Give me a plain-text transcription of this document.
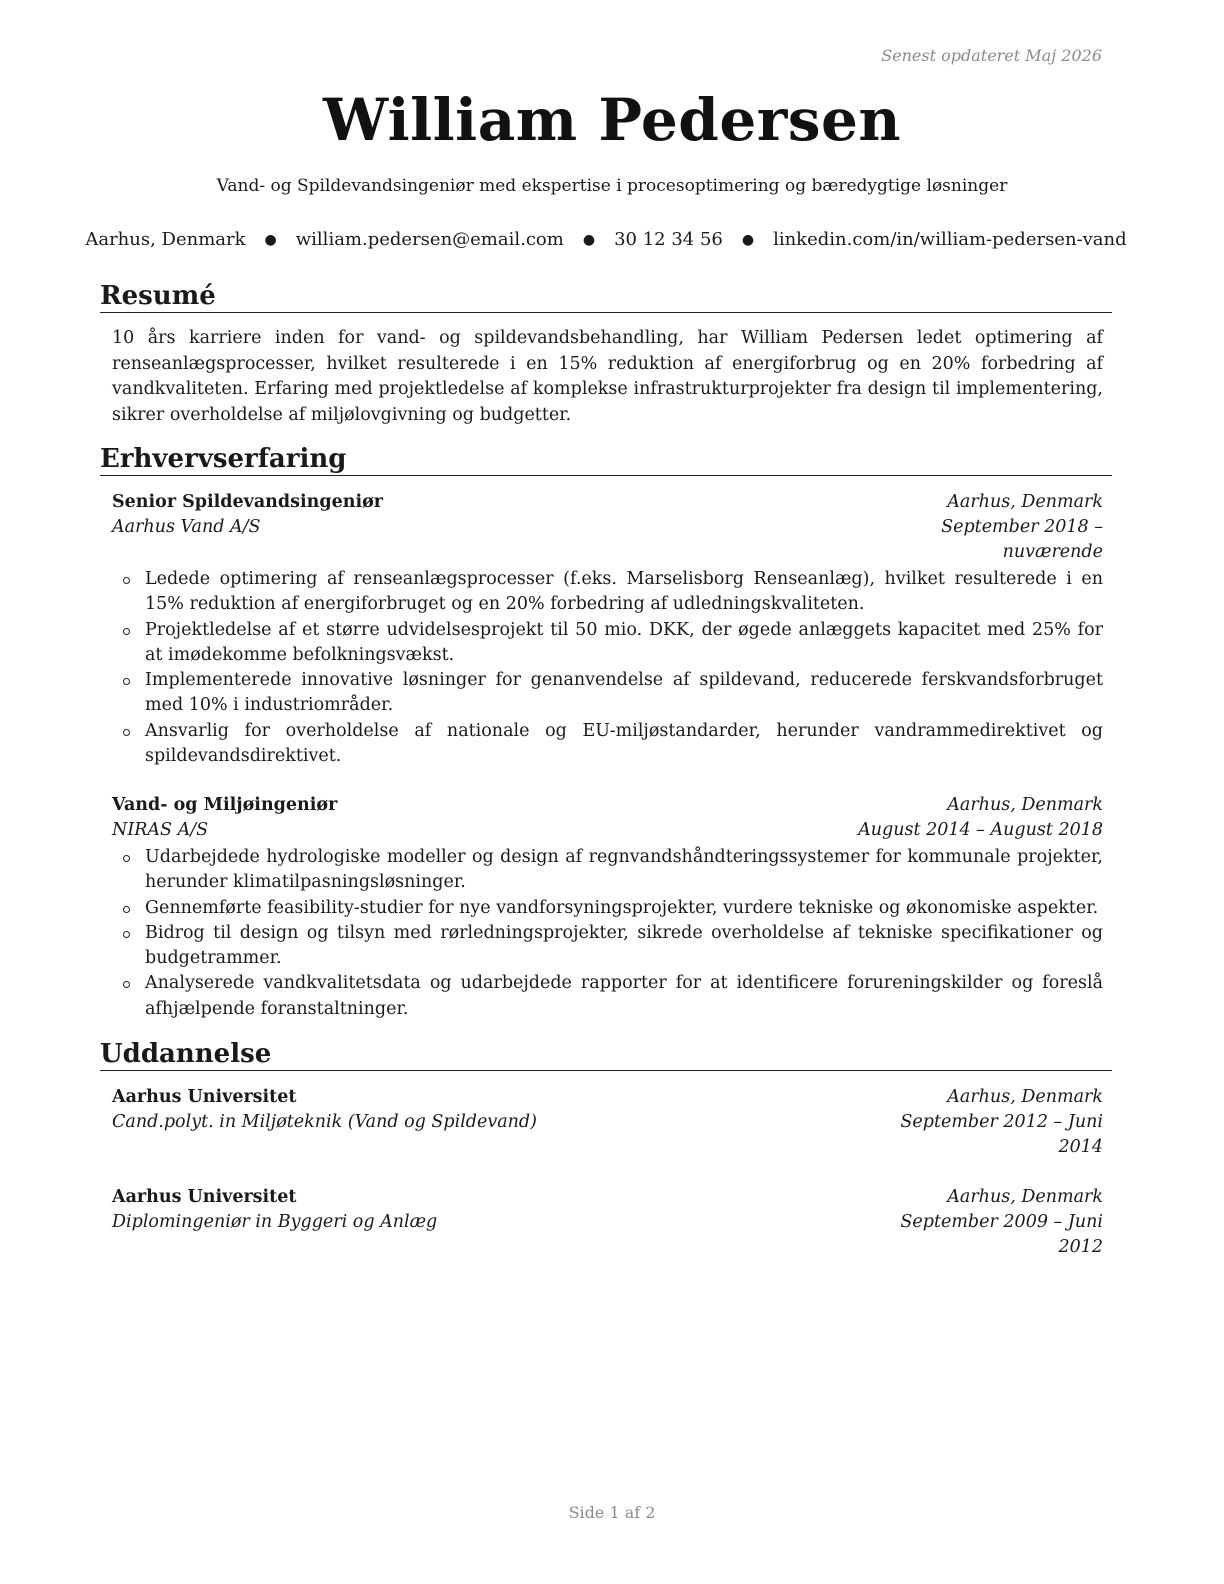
Senest opdateret Maj 2026
William Pedersen
Vand- og Spildevandsingeniør med ekspertise i procesoptimering og bæredygtige løsninger
Aarhus, Denmark ● william.pedersen@email.com ● 30 12 34 56 ● linkedin.com/in/william-pedersen-vand
Resumé
10 års karriere inden for vand- og spildevandsbehandling, har William Pedersen ledet optimering af renseanlægsprocesser, hvilket resulterede i en 15% reduktion af energiforbrug og en 20% forbedring af vandkvaliteten. Erfaring med projektledelse af komplekse infrastrukturprojekter fra design til implementering, sikrer overholdelse af miljølovgivning og budgetter.
Erhvervserfaring
Senior Spildevandsingeniør	Aarhus, Denmark
Aarhus Vand A/S	September 2018 – nuværende
Ledede optimering af renseanlægsprocesser (f.eks. Marselisborg Renseanlæg), hvilket resulterede i en 15% reduktion af energiforbruget og en 20% forbedring af udledningskvaliteten.
Projektledelse af et større udvidelsesprojekt til 50 mio. DKK, der øgede anlæggets kapacitet med 25% for at imødekomme befolkningsvækst.
Implementerede innovative løsninger for genanvendelse af spildevand, reducerede ferskvandsforbruget med 10% i industriområder.
Ansvarlig for overholdelse af nationale og EU-miljøstandarder, herunder vandrammedirektivet og spildevandsdirektivet.
Vand- og Miljøingeniør	Aarhus, Denmark
NIRAS A/S	August 2014 – August 2018
Udarbejdede hydrologiske modeller og design af regnvandshåndteringssystemer for kommunale projekter, herunder klimatilpasningsløsninger.
Gennemførte feasibility-studier for nye vandforsyningsprojekter, vurdere tekniske og økonomiske aspekter.
Bidrog til design og tilsyn med rørledningsprojekter, sikrede overholdelse af tekniske specifikationer og budgetrammer.
Analyserede vandkvalitetsdata og udarbejdede rapporter for at identificere forureningskilder og foreslå afhjælpende foranstaltninger.
Uddannelse
Aarhus Universitet	Aarhus, Denmark
Cand.polyt. in Miljøteknik (Vand og Spildevand)	September 2012 – Juni
2014
Aarhus Universitet	Aarhus, Denmark
Diplomingeniør in Byggeri og Anlæg	September 2009 – Juni
2012
Side 1 af 2
